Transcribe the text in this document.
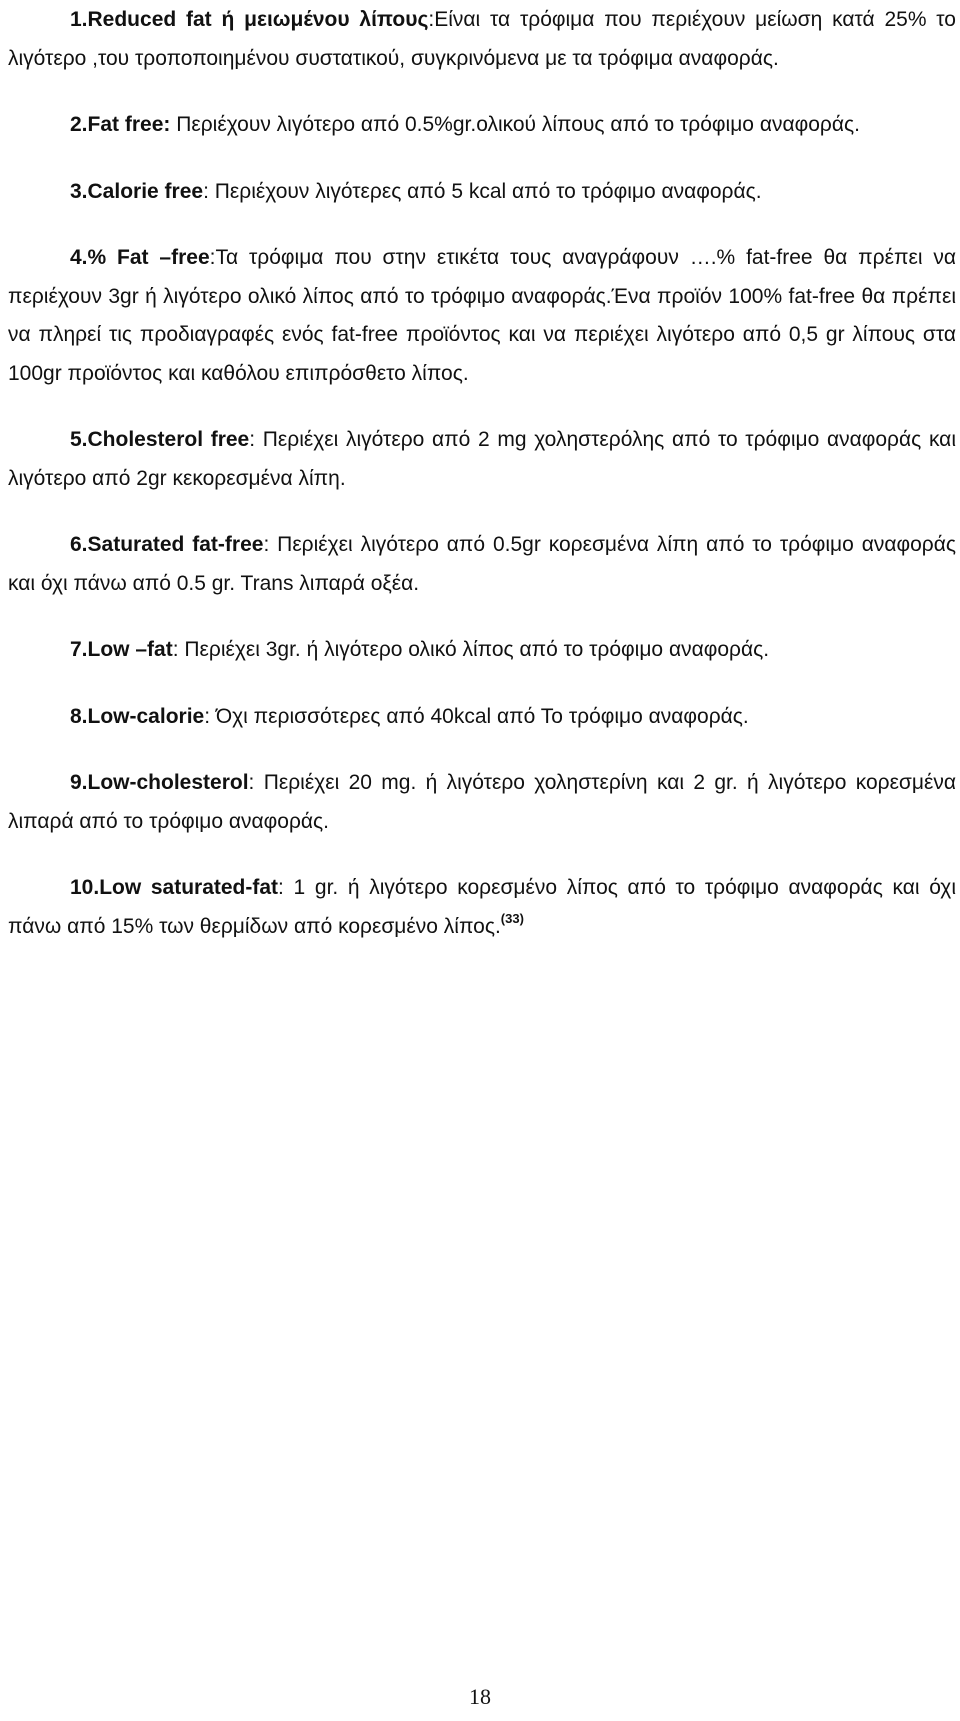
1.Reduced fat ή μειωμένου λίπους:Είναι τα τρόφιμα που περιέχουν μείωση κατά 25% το λιγότερο ,του τροποποιημένου συστατικού, συγκρινόμενα με τα τρόφιμα αναφοράς.

2.Fat free: Περιέχουν λιγότερο από 0.5%gr.ολικού λίπους από το τρόφιμο αναφοράς.

3.Calorie free: Περιέχουν λιγότερες από 5 kcal από το τρόφιμο αναφοράς.

4.% Fat –free:Τα τρόφιμα που στην ετικέτα τους αναγράφουν ….% fat-free θα πρέπει να περιέχουν 3gr ή λιγότερο ολικό λίπος από το τρόφιμο αναφοράς.Ένα προϊόν 100% fat-free θα πρέπει να πληρεί τις προδιαγραφές ενός fat-free προϊόντος και να περιέχει λιγότερο από 0,5 gr λίπους στα 100gr προϊόντος και καθόλου επιπρόσθετο λίπος.

5.Cholesterol free: Περιέχει λιγότερο από 2 mg χοληστερόλης από το τρόφιμο αναφοράς και λιγότερο από 2gr κεκορεσμένα λίπη.

6.Saturated fat-free: Περιέχει λιγότερο από 0.5gr κορεσμένα λίπη από το τρόφιμο αναφοράς και όχι πάνω από 0.5 gr. Trans λιπαρά οξέα.

7.Low –fat: Περιέχει 3gr. ή λιγότερο ολικό λίπος από το τρόφιμο αναφοράς.

8.Low-calorie: Όχι περισσότερες από 40kcal από Το τρόφιμο αναφοράς.

9.Low-cholesterol: Περιέχει 20 mg. ή λιγότερο χοληστερίνη και 2 gr. ή λιγότερο κορεσμένα λιπαρά από το τρόφιμο αναφοράς.

10.Low saturated-fat: 1 gr. ή λιγότερο κορεσμένο λίπος από το τρόφιμο αναφοράς και όχι πάνω από 15% των θερμίδων από κορεσμένο λίπος.$^{(33)}$

18
